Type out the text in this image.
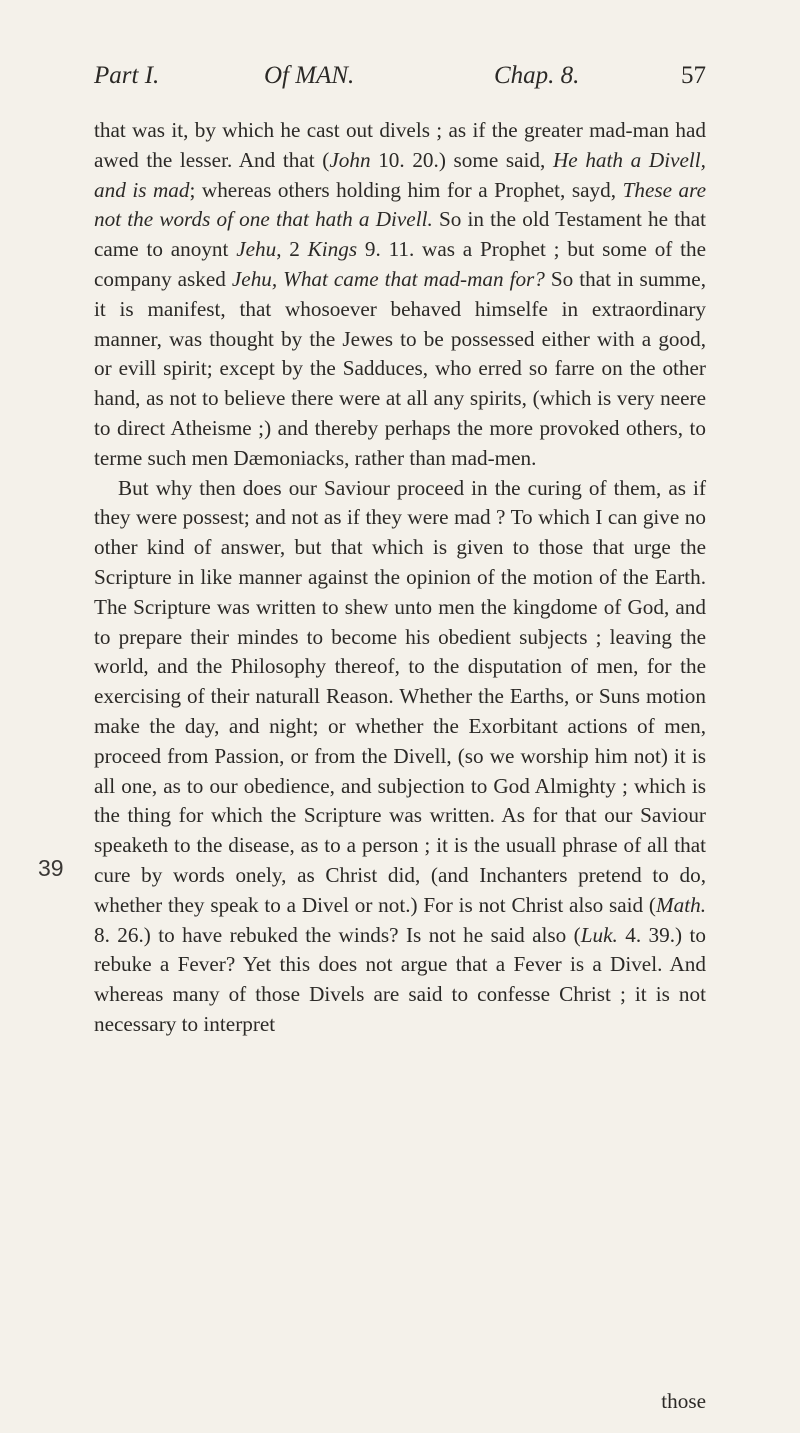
Part I.	Of MAN.	Chap. 8.	57
39

that was it, by which he cast out divels ; as if the greater mad-man had awed the lesser. And that (John 10. 20.) some said, He hath a Divell, and is mad; whereas others holding him for a Prophet, sayd, These are not the words of one that hath a Divell. So in the old Testament he that came to anoynt Jehu, 2 Kings 9. 11. was a Prophet ; but some of the company asked Jehu, What came that mad-man for? So that in summe, it is manifest, that whosoever behaved himselfe in extraordinary manner, was thought by the Jewes to be possessed either with a good, or evill spirit; except by the Sadduces, who erred so farre on the other hand, as not to believe there were at all any spirits, (which is very neere to direct Atheisme ;) and thereby perhaps the more provoked others, to terme such men Dæmoniacks, rather than mad-men.

But why then does our Saviour proceed in the curing of them, as if they were possest; and not as if they were mad ? To which I can give no other kind of answer, but that which is given to those that urge the Scripture in like manner against the opinion of the motion of the Earth. The Scripture was written to shew unto men the kingdome of God, and to prepare their mindes to become his obedient subjects ; leaving the world, and the Philosophy thereof, to the disputation of men, for the exercising of their naturall Reason. Whether the Earths, or Suns motion make the day, and night; or whether the Exorbitant actions of men, proceed from Passion, or from the Divell, (so we worship him not) it is all one, as to our obedience, and subjection to God Almighty ; which is the thing for which the Scripture was written. As for that our Saviour speaketh to the disease, as to a person ; it is the usuall phrase of all that cure by words onely, as Christ did, (and Inchanters pretend to do, whether they speak to a Divel or not.) For is not Christ also said (Math. 8. 26.) to have rebuked the winds? Is not he said also (Luk. 4. 39.) to rebuke a Fever? Yet this does not argue that a Fever is a Divel. And whereas many of those Divels are said to confesse Christ ; it is not necessary to interpret

those
